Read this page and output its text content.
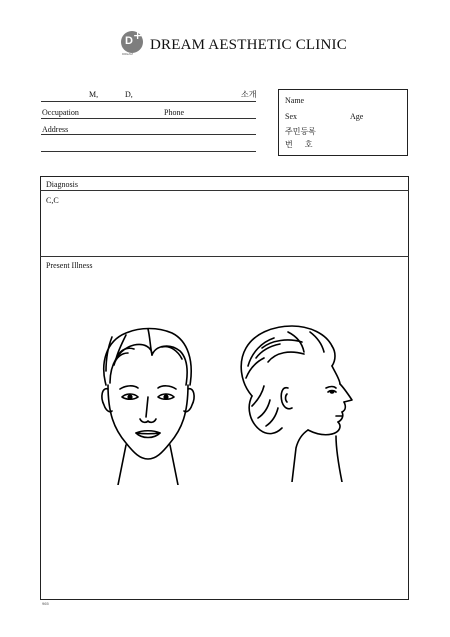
D +
DREAM
DREAM AESTHETIC CLINIC
M,	D,	소개
Occupation	Phone
Address
Name
Sex	Age
주민등록
번      호
Diagnosis
C,C
Present Illness
965
